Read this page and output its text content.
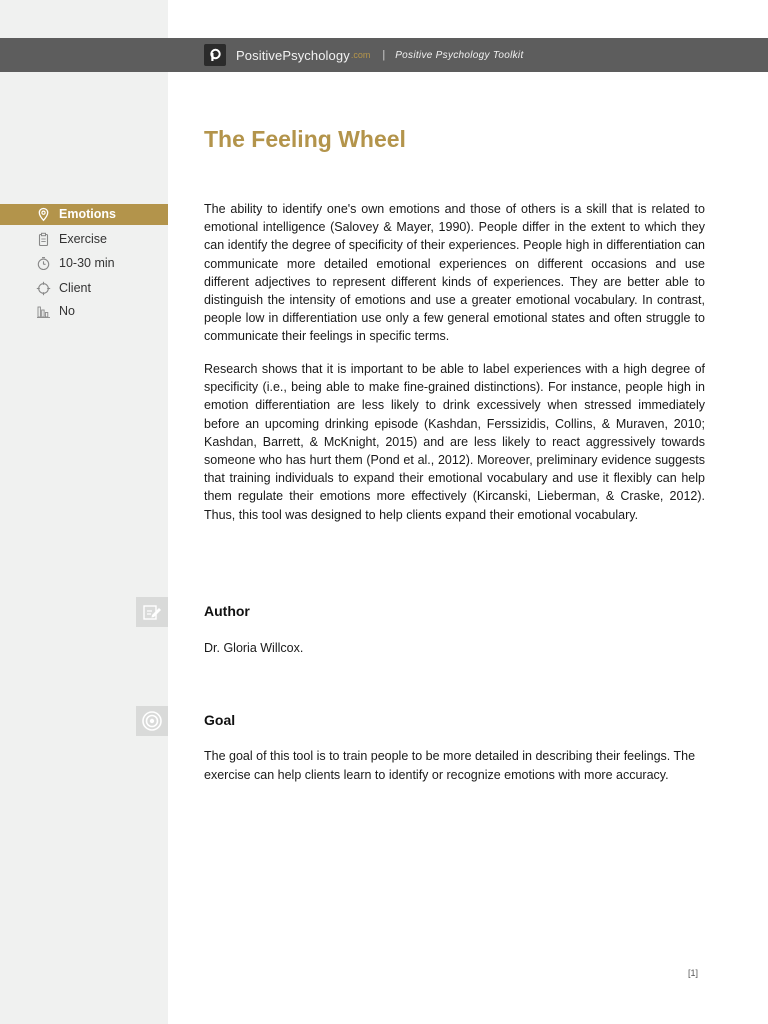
PositivePsychology .com | Positive Psychology Toolkit
The Feeling Wheel
Emotions
Exercise
10-30 min
Client
No

The ability to identify one's own emotions and those of others is a skill that is related to emotional intelligence (Salovey & Mayer, 1990). People differ in the extent to which they can identify the degree of specificity of their experiences. People high in differentiation can communicate more detailed emotional experiences on different occasions and use different adjectives to represent different kinds of experiences. They are better able to distinguish the intensity of emotions and use a greater emotional vocabulary. In contrast, people low in differentiation use only a few general emotional states and often struggle to communicate their feelings in specific terms.

Research shows that it is important to be able to label experiences with a high degree of specificity (i.e., being able to make fine-grained distinctions). For instance, people high in emotion differentiation are less likely to drink excessively when stressed immediately before an upcoming drinking episode (Kashdan, Ferssizidis, Collins, & Muraven, 2010; Kashdan, Barrett, & McKnight, 2015) and are less likely to react aggressively towards someone who has hurt them (Pond et al., 2012). Moreover, preliminary evidence suggests that training individuals to expand their emotional vocabulary and use it flexibly can help them regulate their emotions more effectively (Kircanski, Lieberman, & Craske, 2012). Thus, this tool was designed to help clients expand their emotional vocabulary.

Author

Dr. Gloria Willcox.

Goal

The goal of this tool is to train people to be more detailed in describing their feelings. The exercise can help clients learn to identify or recognize emotions with more accuracy.

[1]
